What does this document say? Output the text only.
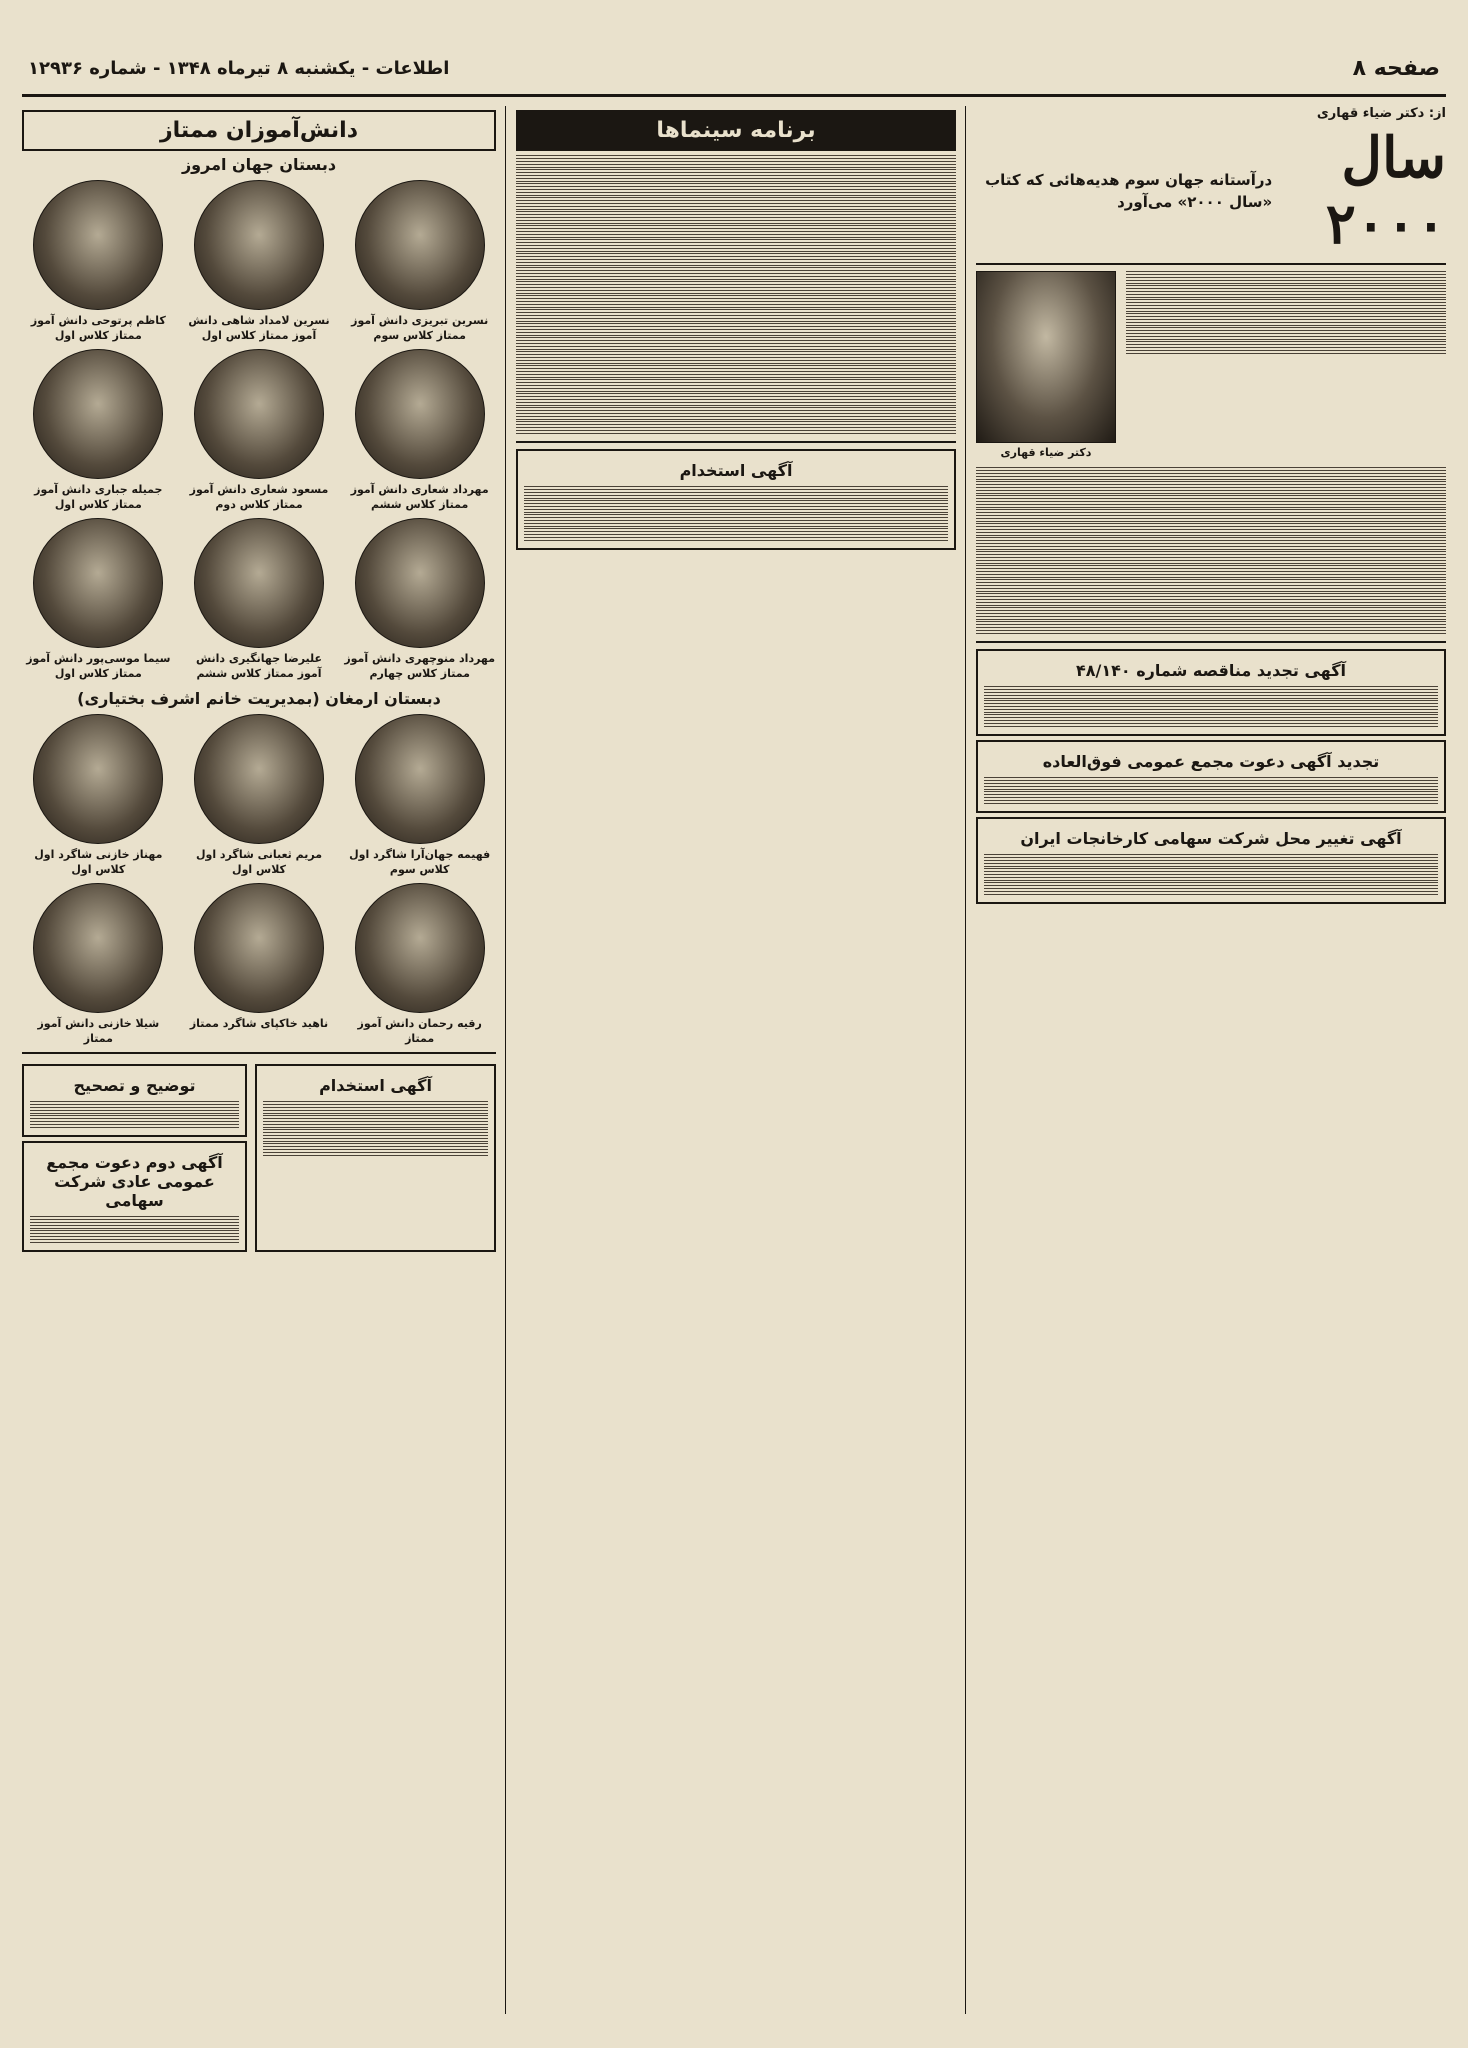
صفحه ۸
اطلاعات - یکشنبه ۸ تیرماه ۱۳۴۸ - شماره ۱۲۹۳۶
از: دکتر ضیاء قهاری
سال ۲۰۰۰
درآستانه جهان سوم هدیه‌هائی که کتاب «سال ۲۰۰۰» می‌آورد
دکتر ضیاء قهاری
آگهی تجدید مناقصه شماره ۴۸/۱۴۰
تجدید آگهی دعوت مجمع عمومی فوق‌العاده
آگهی تغییر محل شرکت سهامی کارخانجات ایران
برنامه سینماها
آگهی استخدام
دانش‌آموزان ممتاز
دبستان جهان امروز
نسرین تبریزی دانش آموز ممتاز کلاس سوم
نسرین لامداد شاهی دانش آموز ممتاز کلاس اول
کاظم پرتوحی دانش آموز ممتاز کلاس اول
مهرداد شعاری دانش آموز ممتاز کلاس ششم
مسعود شعاری دانش آموز ممتاز کلاس دوم
جمیله جباری دانش آموز ممتاز کلاس اول
مهرداد منوچهری دانش آموز ممتاز کلاس چهارم
علیرضا جهانگیری دانش آموز ممتاز کلاس ششم
سیما موسی‌پور دانش آموز ممتاز کلاس اول
دبستان ارمغان (بمدیریت خانم اشرف بختیاری)
فهیمه جهان‌آرا شاگرد اول کلاس سوم
مریم ثعبانی شاگرد اول کلاس اول
مهناز خازنی شاگرد اول کلاس اول
رقیه رحمان دانش آموز ممتاز
ناهید خاکپای شاگرد ممتاز
شیلا خازنی دانش آموز ممتاز
آگهی استخدام
توضیح و تصحیح
آگهی دوم دعوت مجمع عمومی عادی شرکت سهامی
